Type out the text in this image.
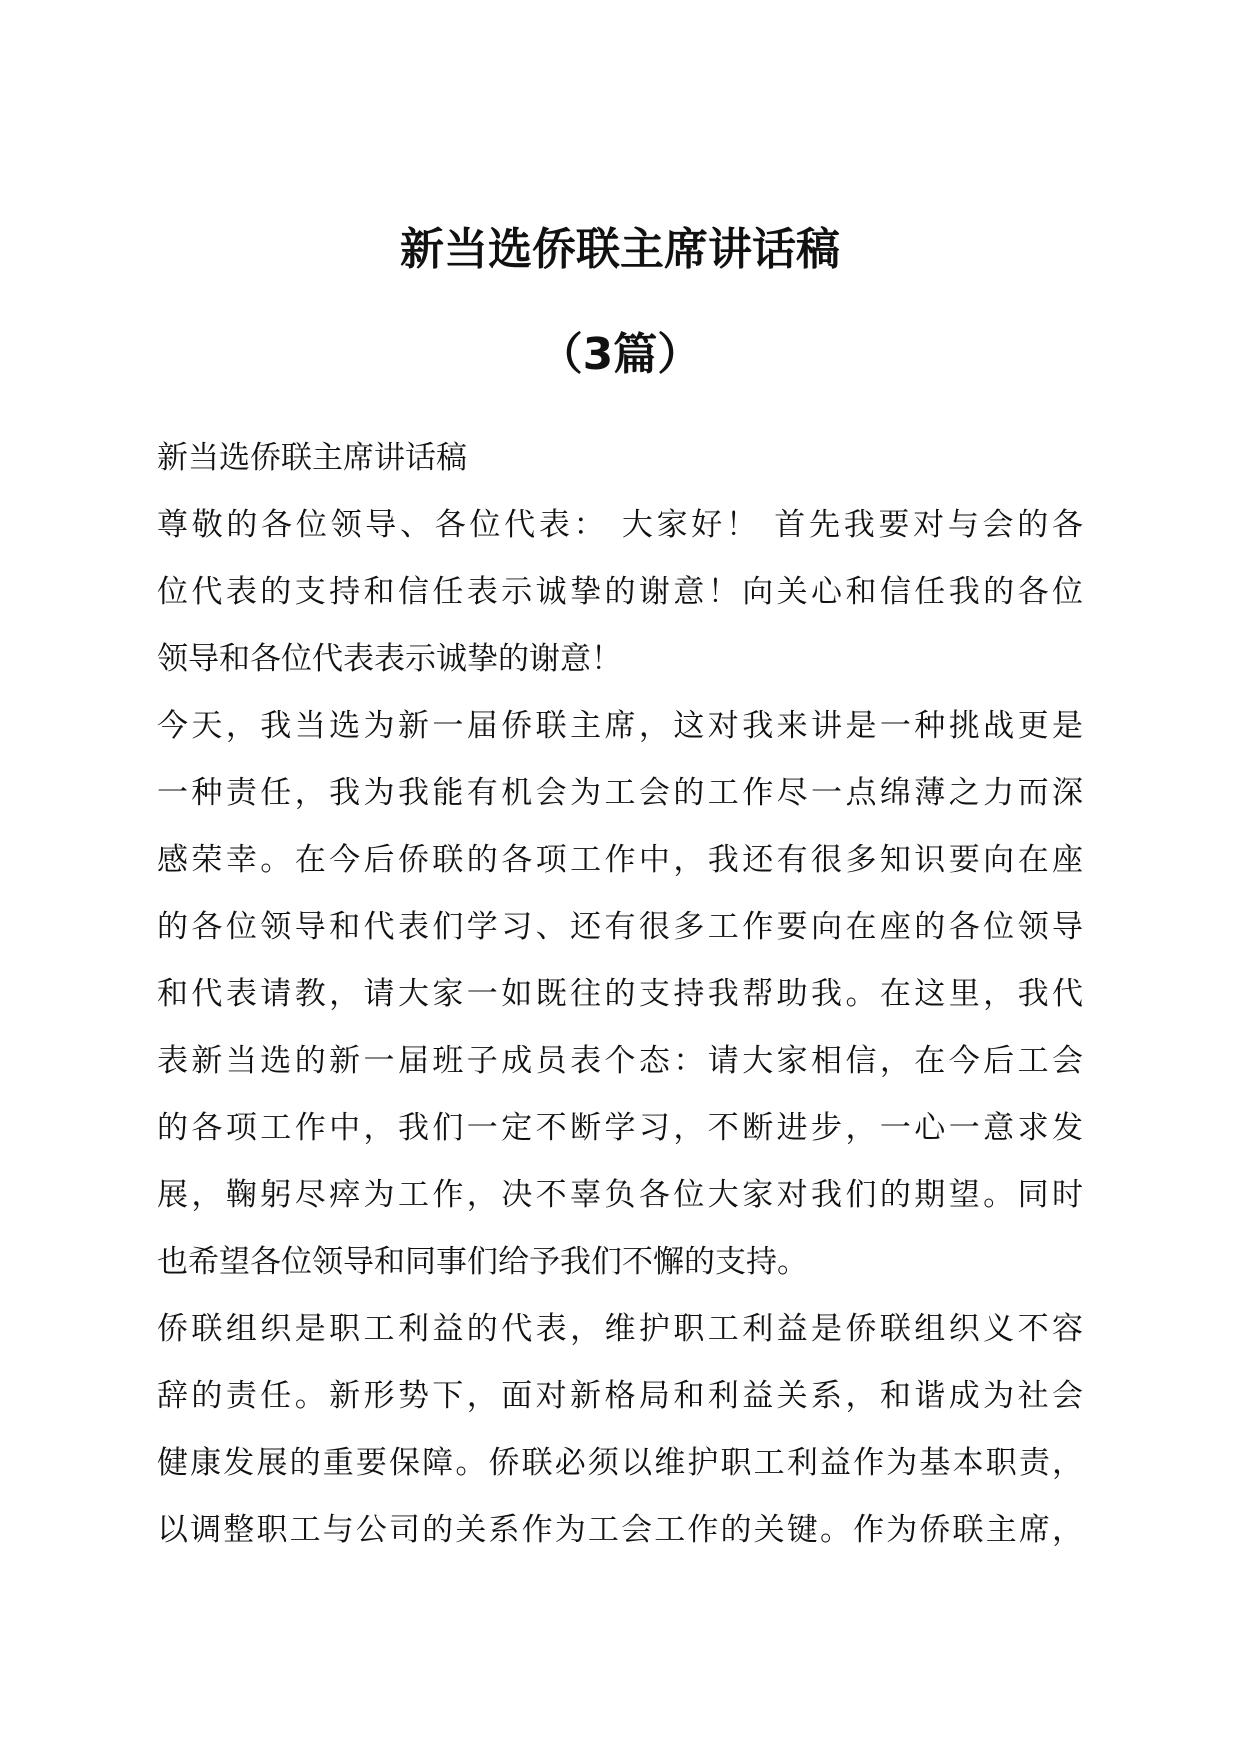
新当选侨联主席讲话稿
（3篇）
新当选侨联主席讲话稿
尊敬的各位领导、各位代表： 大家好！ 首先我要对与会的各
位代表的支持和信任表示诚挚的谢意！向关心和信任我的各位
领导和各位代表表示诚挚的谢意！
今天，我当选为新一届侨联主席，这对我来讲是一种挑战更是
一种责任，我为我能有机会为工会的工作尽一点绵薄之力而深
感荣幸。在今后侨联的各项工作中，我还有很多知识要向在座
的各位领导和代表们学习、还有很多工作要向在座的各位领导
和代表请教，请大家一如既往的支持我帮助我。在这里，我代
表新当选的新一届班子成员表个态：请大家相信，在今后工会
的各项工作中，我们一定不断学习，不断进步，一心一意求发
展，鞠躬尽瘁为工作，决不辜负各位大家对我们的期望。同时
也希望各位领导和同事们给予我们不懈的支持。
侨联组织是职工利益的代表，维护职工利益是侨联组织义不容
辞的责任。新形势下，面对新格局和利益关系，和谐成为社会
健康发展的重要保障。侨联必须以维护职工利益作为基本职责，
以调整职工与公司的关系作为工会工作的关键。作为侨联主席，
